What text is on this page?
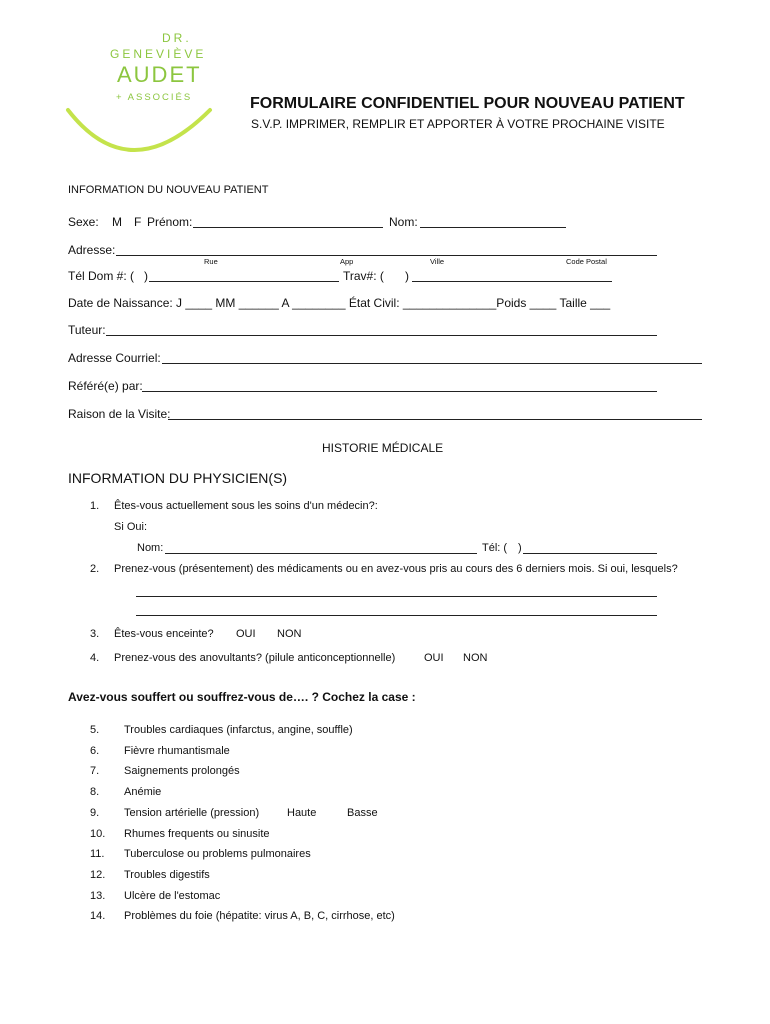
DR.
GENEVIÈVE
AUDET
+ ASSOCIÉS	FORMULAIRE CONFIDENTIEL POUR NOUVEAU PATIENT
S.V.P. IMPRIMER, REMPLIR ET APPORTER À VOTRE PROCHAINE VISITE
INFORMATION DU NOUVEAU PATIENT
Sexe: M F Prénom:	Nom:
Adresse:
Rue	App	Ville	Code Postal
Tél Dom #: ( )	Trav#: ( )
Date de Naissance: J ____ MM ______ A ________ État Civil: ______________Poids ____ Taille ___
Tuteur:
Adresse Courriel:
Référé(e) par:
Raison de la Visite:
HISTORIE MÉDICALE
INFORMATION DU PHYSICIEN(S)
1. Êtes-vous actuellement sous les soins d'un médecin?:
Si Oui:
Nom:	Tél: ( )
2. Prenez-vous (présentement) des médicaments ou en avez-vous pris au cours des 6 derniers mois. Si oui, lesquels?
3. Êtes-vous enceinte? OUI NON
4. Prenez-vous des anovultants? (pilule anticonceptionnelle)	OUI NON
Avez-vous souffert ou souffrez-vous de…. ? Cochez la case :
5. Troubles cardiaques (infarctus, angine, souffle)
6. Fièvre rhumantismale
7. Saignements prolongés
8. Anémie
9. Tension artérielle (pression)
10. Rhumes frequents ou sinusite
11. Tuberculose ou problems pulmonaires
12. Troubles digestifs
13. Ulcère de l'estomac
14. Problèmes du foie (hépatite: virus A, B, C, cirrhose, etc)
Haute	Basse
